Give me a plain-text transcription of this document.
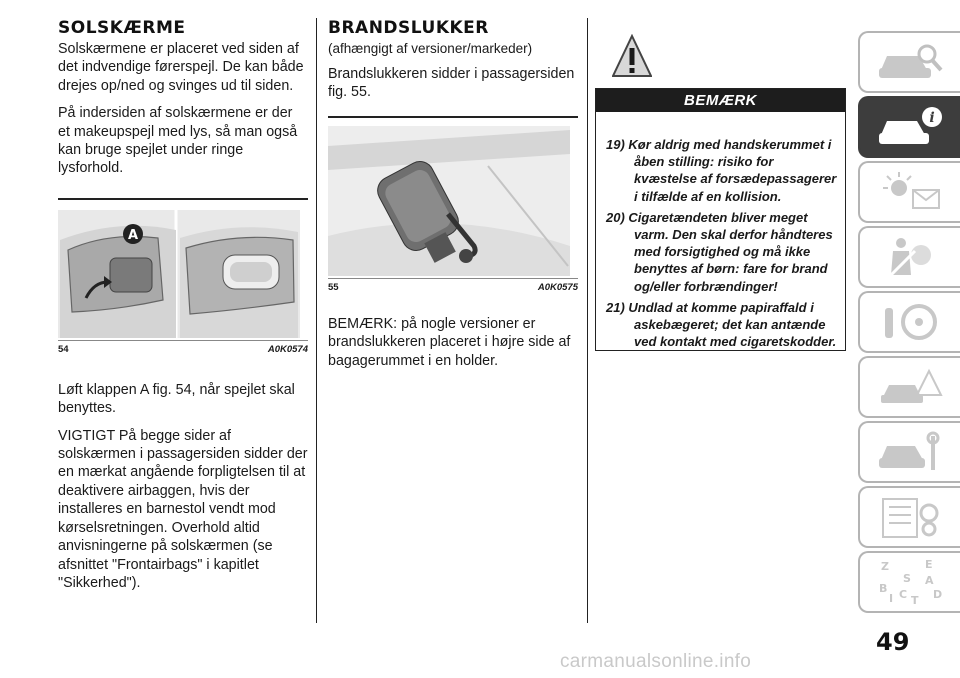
SOLSKÆRME

Solskærmene er placeret ved siden af det indvendige førerspejl. De kan både drejes op/ned og svinges ud til siden.

På indersiden af solskærmene er der et makeupspejl med lys, så man også kan bruge spejlet under ringe lysforhold.

A
54	A0K0574

Løft klappen A fig. 54, når spejlet skal benyttes.

VIGTIGT På begge sider af solskærmen i passagersiden sidder der en mærkat angående forpligtelsen til at deaktivere airbaggen, hvis der installeres en barnestol vendt mod kørselsretningen. Overhold altid anvisningerne på solskærmen (se afsnittet "Frontairbags" i kapitlet "Sikkerhed").

BRANDSLUKKER

(afhængigt af versioner/markeder)

Brandslukkeren sidder i passagersiden fig. 55.

55	A0K0575

BEMÆRK: på nogle versioner er brandslukkeren placeret i højre side af bagagerummet i en holder.

BEMÆRK
19) Kør aldrig med handskerummet i åben stilling: risiko for kvæstelse af forsædepassagerer i tilfælde af en kollision.
20) Cigaretændeten bliver meget varm. Den skal derfor håndteres med forsigtighed og må ikke benyttes af børn: fare for brand og/eller forbrændinger!
21) Undlad at komme papiraffald i askebægeret; det kan antænde ved kontakt med cigaretskodder.
i
Z	E
S A
B C D
T
I
49
carmanualsonline.info
